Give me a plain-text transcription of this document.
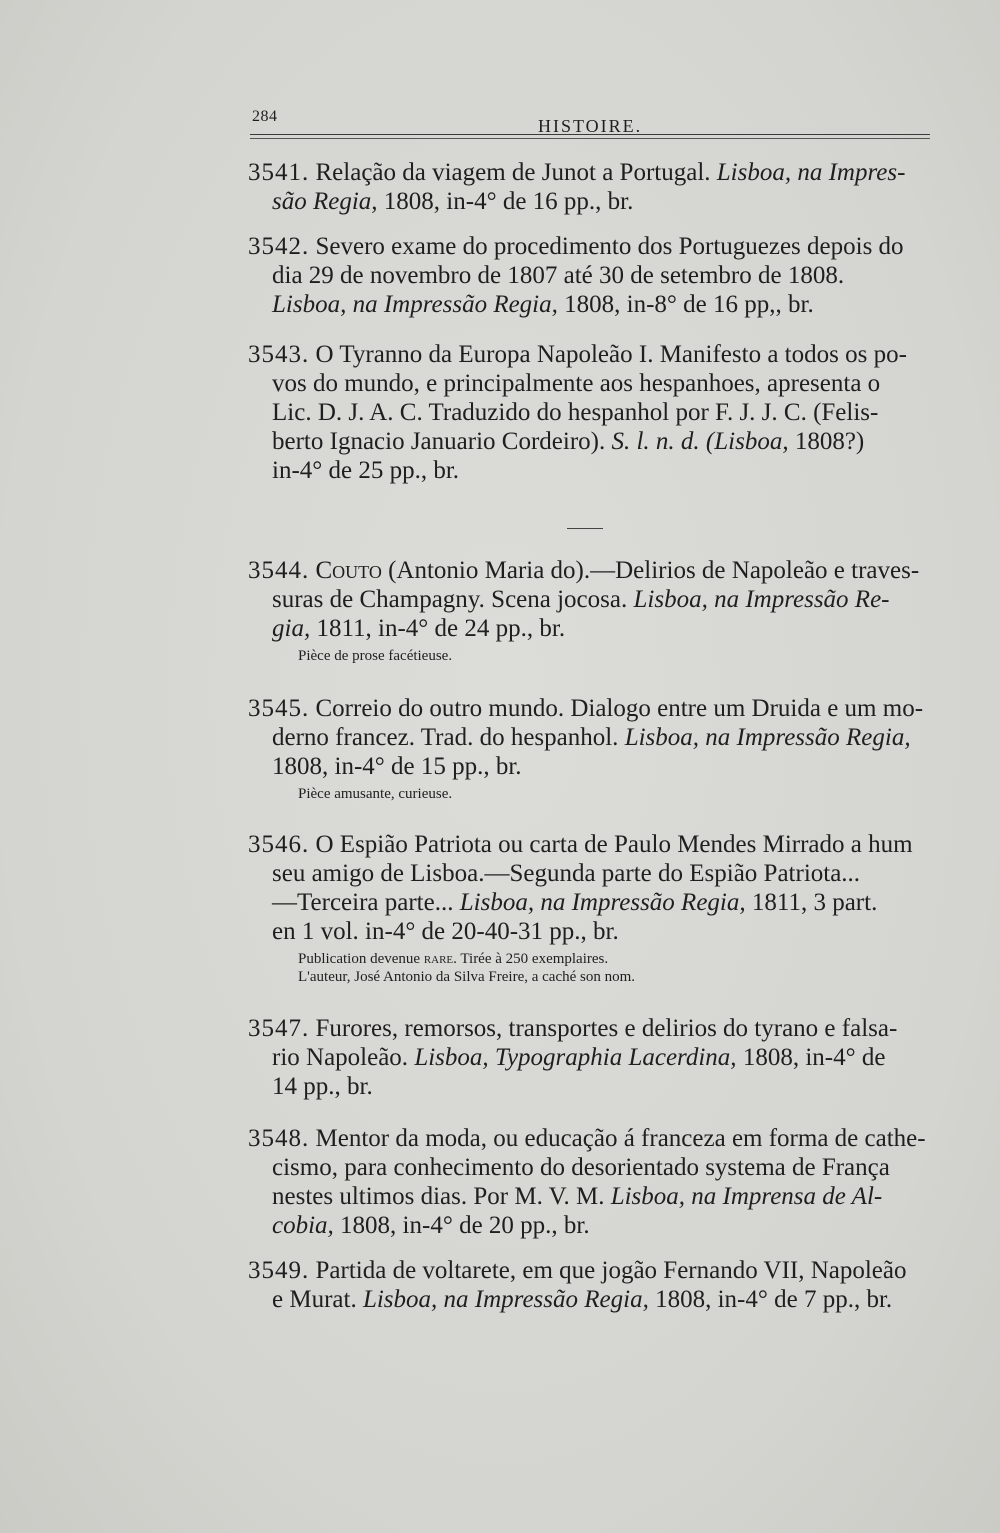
284	HISTOIRE.
3541. Relação da viagem de Junot a Portugal. Lisboa, na Impres-
são Regia, 1808, in-4° de 16 pp., br.
3542. Severo exame do procedimento dos Portuguezes depois do
dia 29 de novembro de 1807 até 30 de setembro de 1808.
Lisboa, na Impressão Regia, 1808, in-8° de 16 pp,, br.
3543. O Tyranno da Europa Napoleão I. Manifesto a todos os po-
vos do mundo, e principalmente aos hespanhoes, apresenta o
Lic. D. J. A. C. Traduzido do hespanhol por F. J. J. C. (Felis-
berto Ignacio Januario Cordeiro). S. l. n. d. (Lisboa, 1808?)
in-4° de 25 pp., br.
3544. Couto (Antonio Maria do).—Delirios de Napoleão e traves-
suras de Champagny. Scena jocosa. Lisboa, na Impressão Re-
gia, 1811, in-4° de 24 pp., br.
Pièce de prose facétieuse.
3545. Correio do outro mundo. Dialogo entre um Druida e um mo-
derno francez. Trad. do hespanhol. Lisboa, na Impressão Regia,
1808, in-4° de 15 pp., br.
Pièce amusante, curieuse.
3546. O Espião Patriota ou carta de Paulo Mendes Mirrado a hum
seu amigo de Lisboa.—Segunda parte do Espião Patriota...
—Terceira parte... Lisboa, na Impressão Regia, 1811, 3 part.
en 1 vol. in-4° de 20-40-31 pp., br.
Publication devenue rare. Tirée à 250 exemplaires.
L'auteur, José Antonio da Silva Freire, a caché son nom.
3547. Furores, remorsos, transportes e delirios do tyrano e falsa-
rio Napoleão. Lisboa, Typographia Lacerdina, 1808, in-4° de
14 pp., br.
3548. Mentor da moda, ou educação á franceza em forma de cathe-
cismo, para conhecimento do desorientado systema de França
nestes ultimos dias. Por M. V. M. Lisboa, na Imprensa de Al-
cobia, 1808, in-4° de 20 pp., br.
3549. Partida de voltarete, em que jogão Fernando VII, Napoleão
e Murat. Lisboa, na Impressão Regia, 1808, in-4° de 7 pp., br.
